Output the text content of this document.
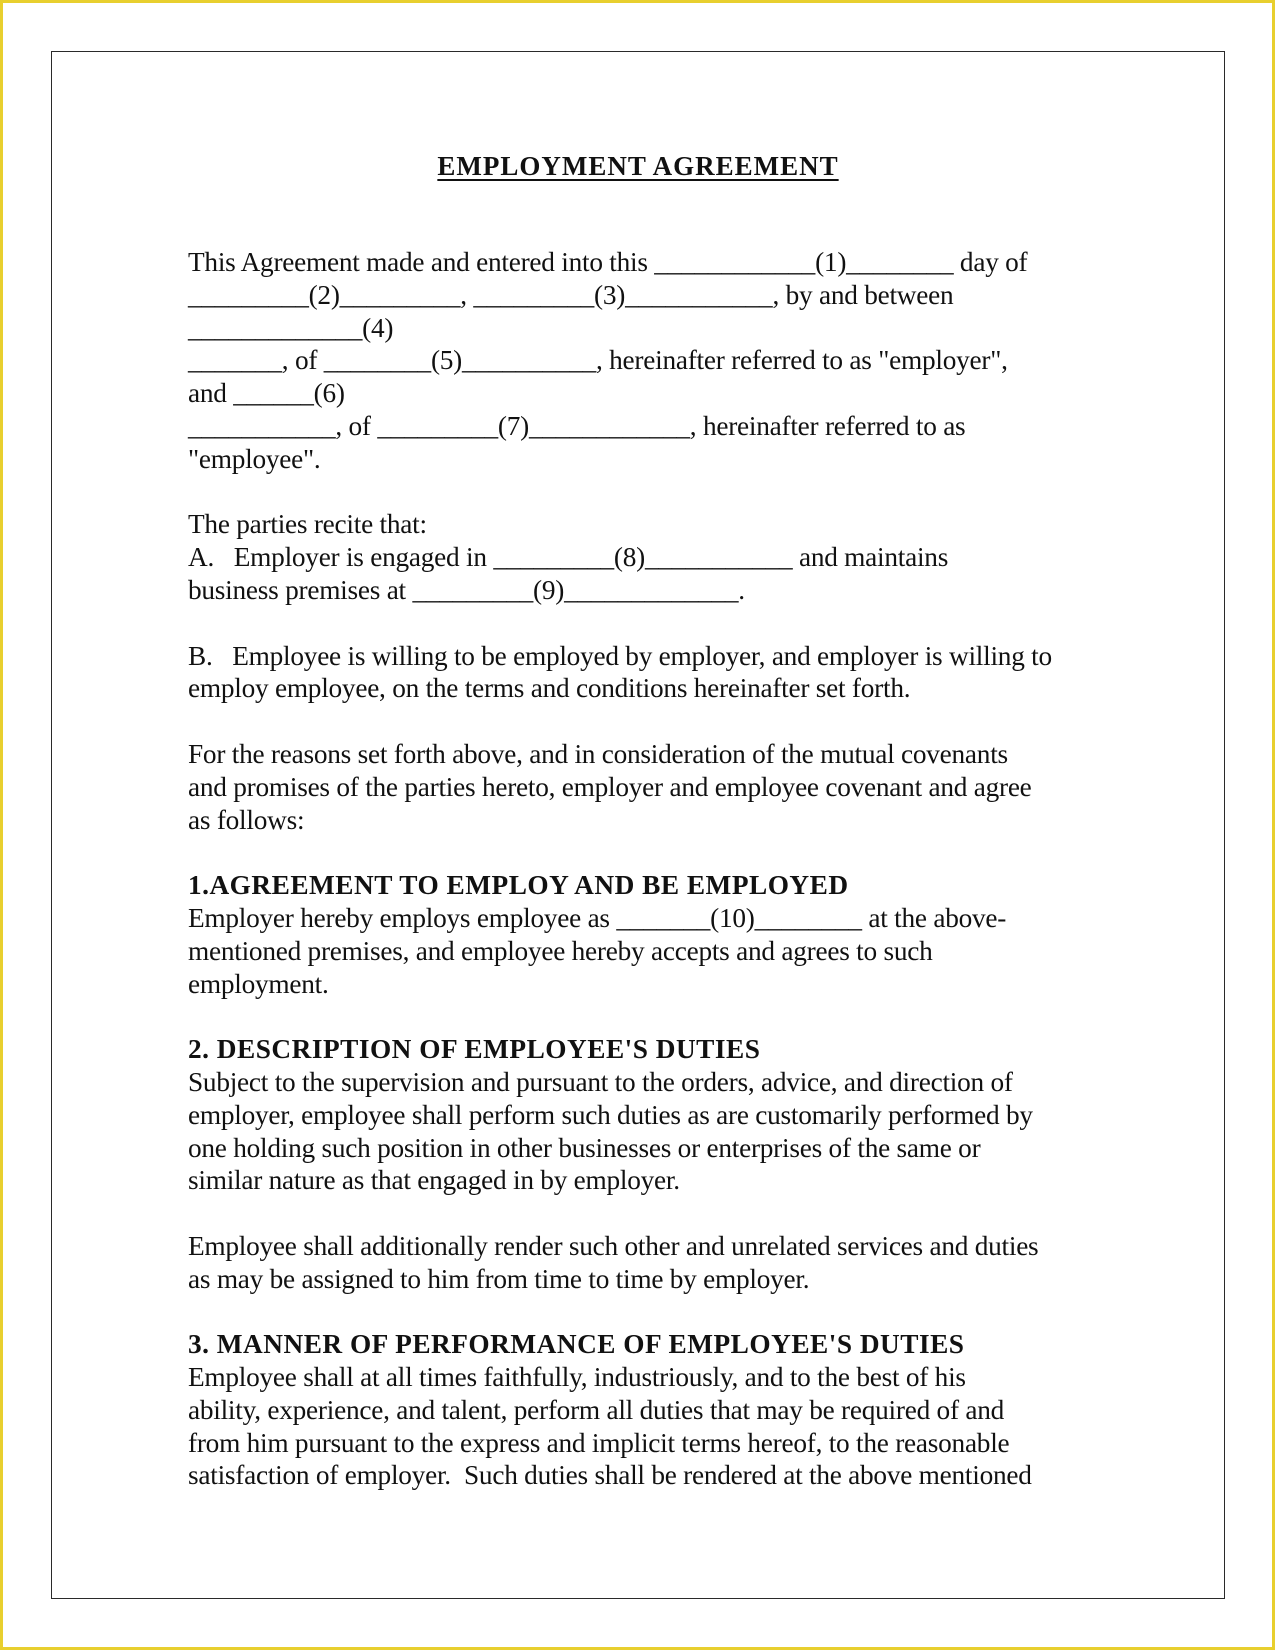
EMPLOYMENT AGREEMENT
This Agreement made and entered into this ____________(1)________ day of
_________(2)_________, _________(3)___________, by and between
_____________(4)
_______, of ________(5)__________, hereinafter referred to as "employer",
and ______(6)
___________, of _________(7)____________, hereinafter referred to as
"employee".
The parties recite that:
A.   Employer is engaged in _________(8)___________ and maintains
business premises at _________(9)_____________.
B.   Employee is willing to be employed by employer, and employer is willing to
employ employee, on the terms and conditions hereinafter set forth.
For the reasons set forth above, and in consideration of the mutual covenants
and promises of the parties hereto, employer and employee covenant and agree
as follows:
1.AGREEMENT TO EMPLOY AND BE EMPLOYED
Employer hereby employs employee as _______(10)________ at the above-
mentioned premises, and employee hereby accepts and agrees to such
employment.
2. DESCRIPTION OF EMPLOYEE'S DUTIES
Subject to the supervision and pursuant to the orders, advice, and direction of
employer, employee shall perform such duties as are customarily performed by
one holding such position in other businesses or enterprises of the same or
similar nature as that engaged in by employer.
Employee shall additionally render such other and unrelated services and duties
as may be assigned to him from time to time by employer.
3. MANNER OF PERFORMANCE OF EMPLOYEE'S DUTIES
Employee shall at all times faithfully, industriously, and to the best of his
ability, experience, and talent, perform all duties that may be required of and
from him pursuant to the express and implicit terms hereof, to the reasonable
satisfaction of employer.  Such duties shall be rendered at the above mentioned
